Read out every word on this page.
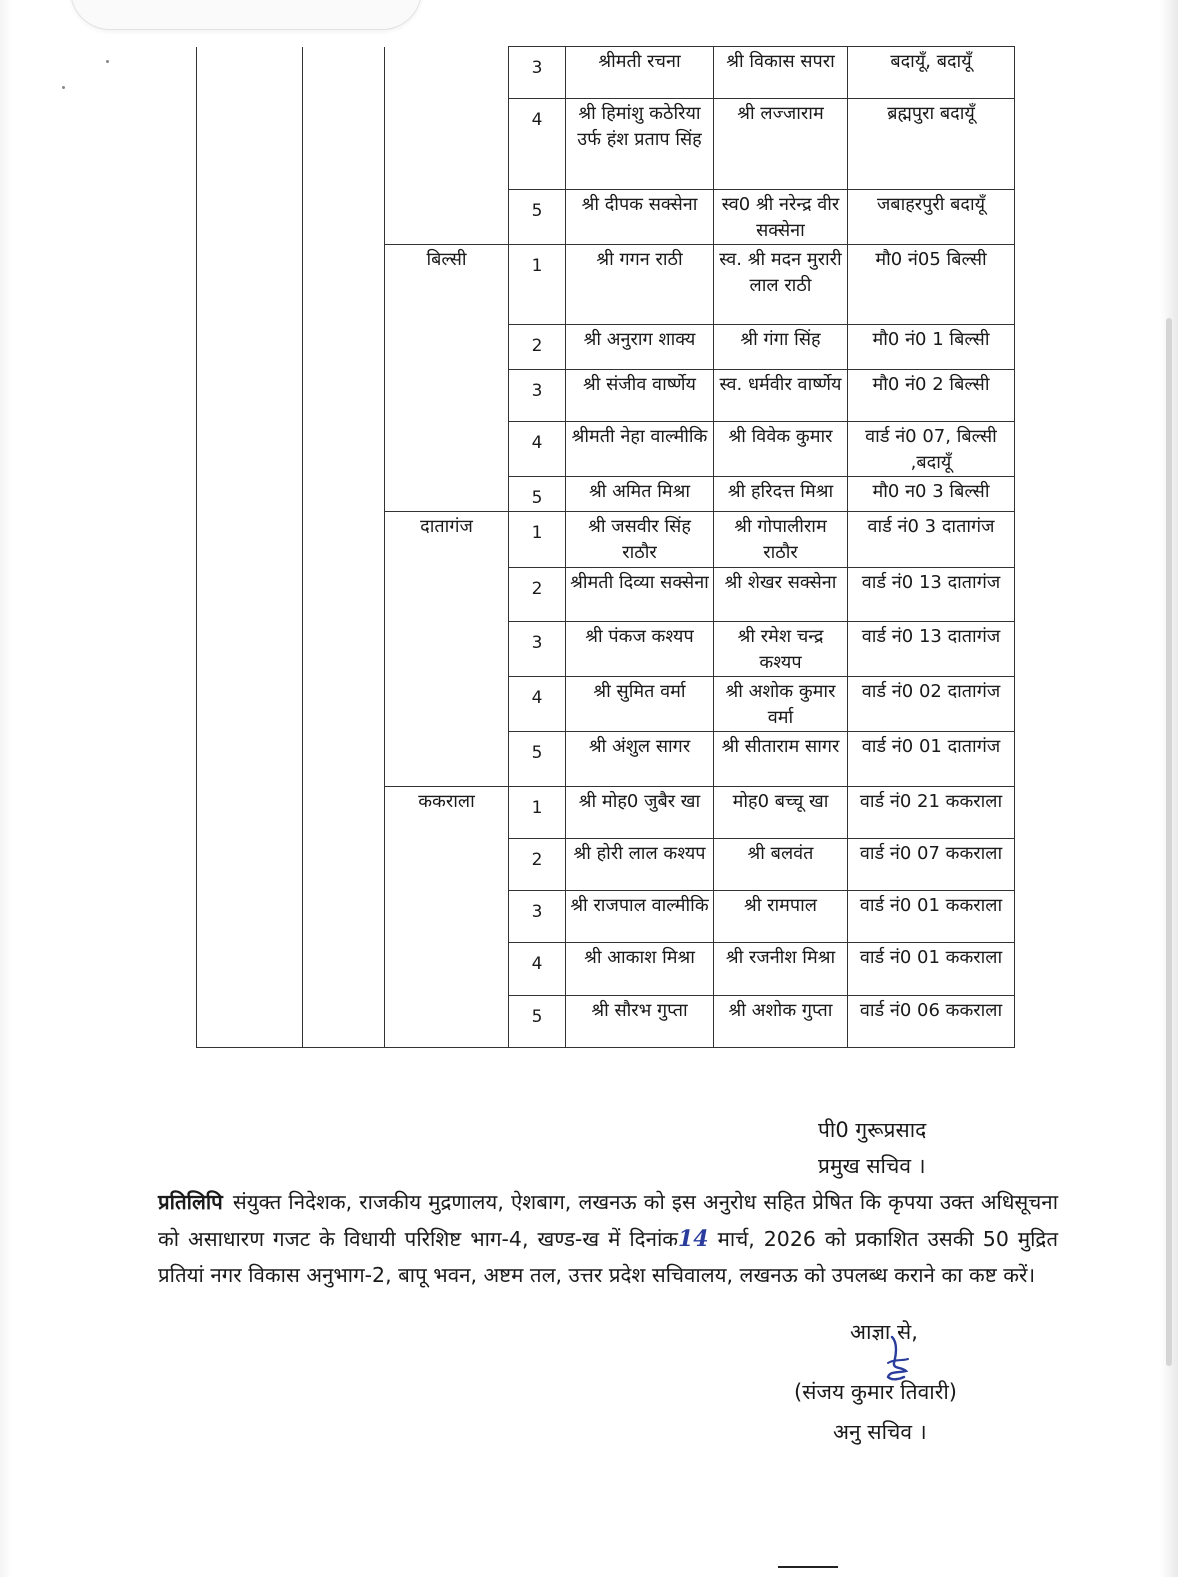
			3	श्रीमती रचना	श्री विकास सपरा	बदायूँ, बदायूँ
			4	श्री हिमांशु कठेरिया उर्फ हंश प्रताप सिंह	श्री लज्जाराम	ब्रह्मपुरा बदायूँ
			5	श्री दीपक सक्सेना	स्व0 श्री नरेन्द्र वीर सक्सेना	जबाहरपुरी बदायूँ
		बिल्सी	1	श्री गगन राठी	स्व. श्री मदन मुरारी लाल राठी	मौ0 नं05 बिल्सी
			2	श्री अनुराग शाक्य	श्री गंगा सिंह	मौ0 नं0 1 बिल्सी
			3	श्री संजीव वार्ष्णेय	स्व. धर्मवीर वार्ष्णेय	मौ0 नं0 2 बिल्सी
			4	श्रीमती नेहा वाल्मीकि	श्री विवेक कुमार	वार्ड नं0 07, बिल्सी ,बदायूँ
			5	श्री अमित मिश्रा	श्री हरिदत्त मिश्रा	मौ0 न0 3 बिल्सी
		दातागंज	1	श्री जसवीर सिंह राठौर	श्री गोपालीराम राठौर	वार्ड नं0 3 दातागंज
			2	श्रीमती दिव्या सक्सेना	श्री शेखर सक्सेना	वार्ड नं0 13 दातागंज
			3	श्री पंकज कश्यप	श्री रमेश चन्द्र कश्यप	वार्ड नं0 13 दातागंज
			4	श्री सुमित वर्मा	श्री अशोक कुमार वर्मा	वार्ड नं0 02 दातागंज
			5	श्री अंशुल सागर	श्री सीताराम सागर	वार्ड नं0 01 दातागंज
		ककराला	1	श्री मोह0 जुबैर खा	मोह0 बच्चू खा	वार्ड नं0 21 ककराला
			2	श्री होरी लाल कश्यप	श्री बलवंत	वार्ड नं0 07 ककराला
			3	श्री राजपाल वाल्मीकि	श्री रामपाल	वार्ड नं0 01 ककराला
			4	श्री आकाश मिश्रा	श्री रजनीश मिश्रा	वार्ड नं0 01 ककराला
			5	श्री सौरभ गुप्ता	श्री अशोक गुप्ता	वार्ड नं0 06 ककराला
पी0 गुरूप्रसाद
प्रमुख सचिव ।
प्रतिलिपि संयुक्त निदेशक, राजकीय मुद्रणालय, ऐशबाग, लखनऊ को इस अनुरोध सहित प्रेषित कि कृपया उक्त अधिसूचना को असाधारण गजट के विधायी परिशिष्ट भाग-4, खण्ड-ख में दिनांक14 मार्च, 2026 को प्रकाशित उसकी 50 मुद्रित प्रतियां नगर विकास अनुभाग-2, बापू भवन, अष्टम तल, उत्तर प्रदेश सचिवालय, लखनऊ को उपलब्ध कराने का कष्ट करें।
आज्ञा से,
(संजय कुमार तिवारी)
अनु सचिव ।
